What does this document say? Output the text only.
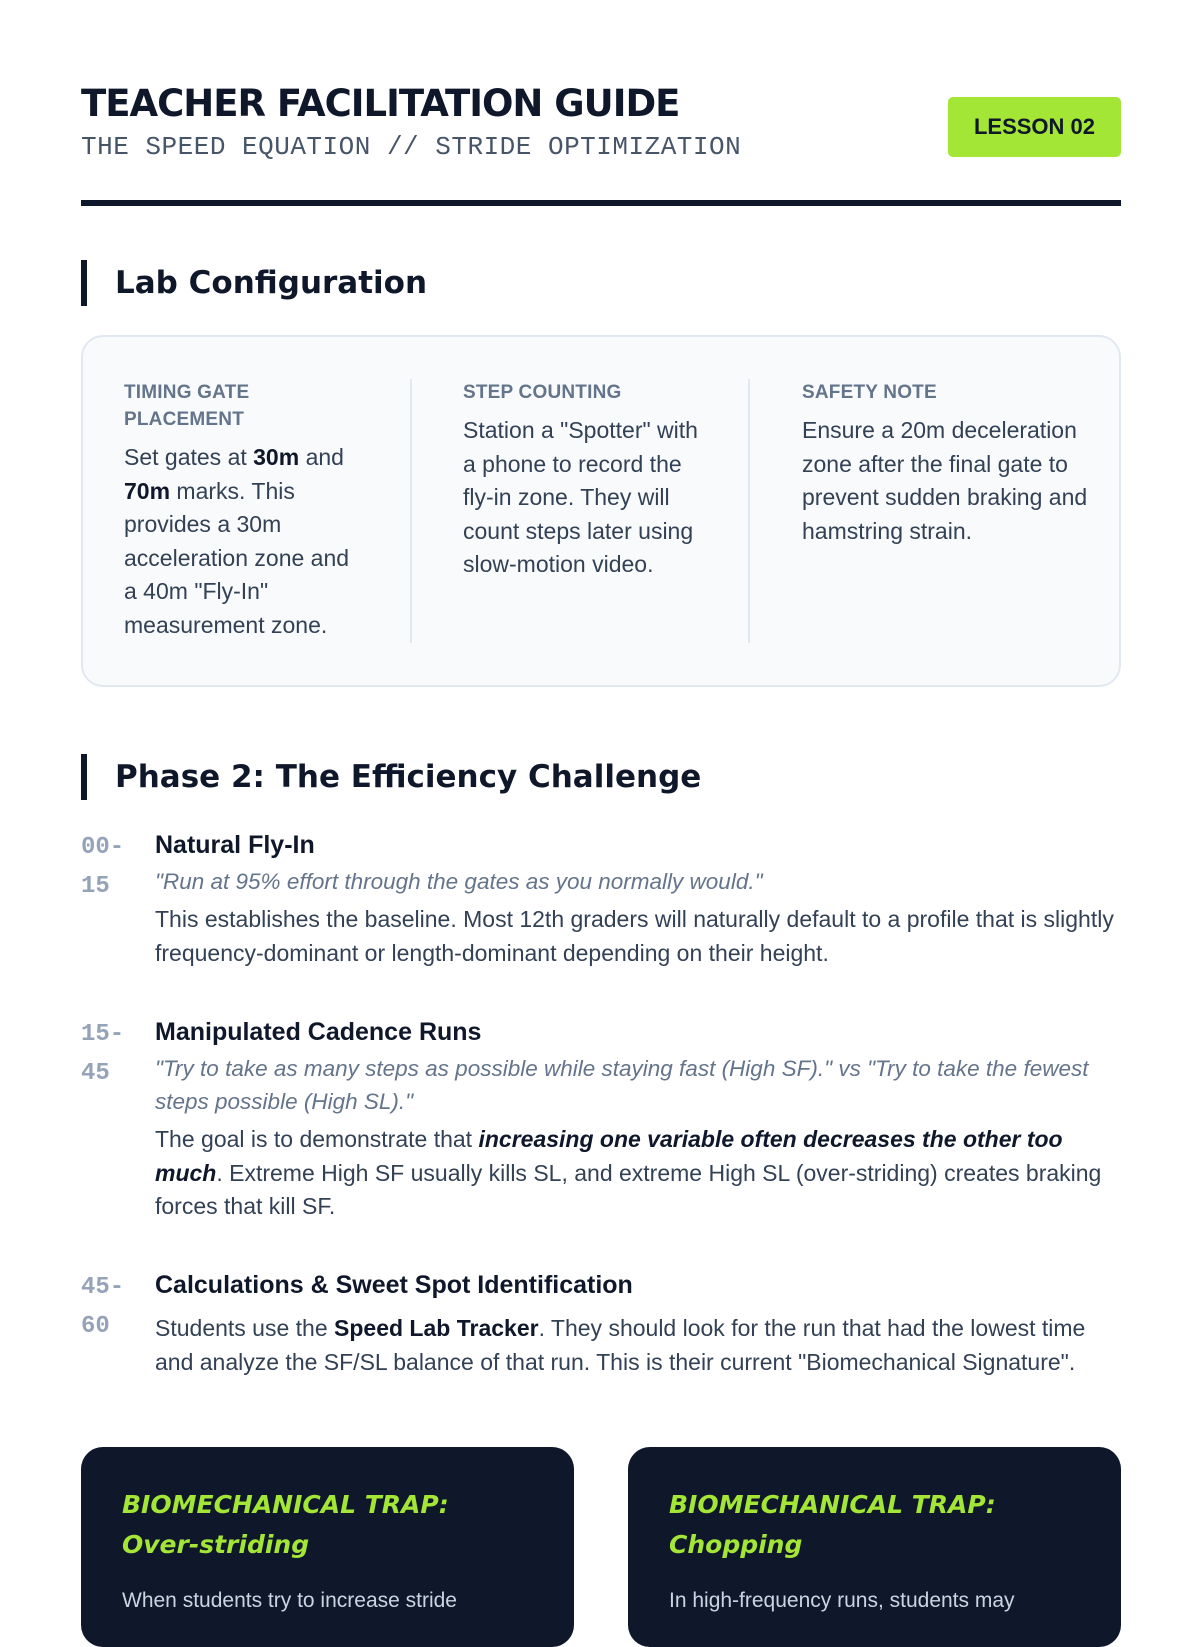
TEACHER FACILITATION GUIDE
THE SPEED EQUATION // STRIDE OPTIMIZATION
LESSON 02
Lab Configuration
TIMING GATE PLACEMENT
Set gates at 30m and 70m marks. This provides a 30m acceleration zone and a 40m "Fly-In" measurement zone.
STEP COUNTING
Station a "Spotter" with a phone to record the fly-in zone. They will count steps later using slow-motion video.
SAFETY NOTE
Ensure a 20m deceleration zone after the final gate to prevent sudden braking and hamstring strain.
Phase 2: The Efficiency Challenge
00-
15
Natural Fly-In
"Run at 95% effort through the gates as you normally would."
This establishes the baseline. Most 12th graders will naturally default to a profile that is slightly frequency-dominant or length-dominant depending on their height.
15-
45
Manipulated Cadence Runs
"Try to take as many steps as possible while staying fast (High SF)." vs "Try to take the fewest steps possible (High SL)."
The goal is to demonstrate that increasing one variable often decreases the other too much. Extreme High SF usually kills SL, and extreme High SL (over-striding) creates braking forces that kill SF.
45-
60
Calculations & Sweet Spot Identification
Students use the Speed Lab Tracker. They should look for the run that had the lowest time and analyze the SF/SL balance of that run. This is their current "Biomechanical Signature".
BIOMECHANICAL TRAP:
Over-striding
When students try to increase stride
BIOMECHANICAL TRAP:
Chopping
In high-frequency runs, students may
